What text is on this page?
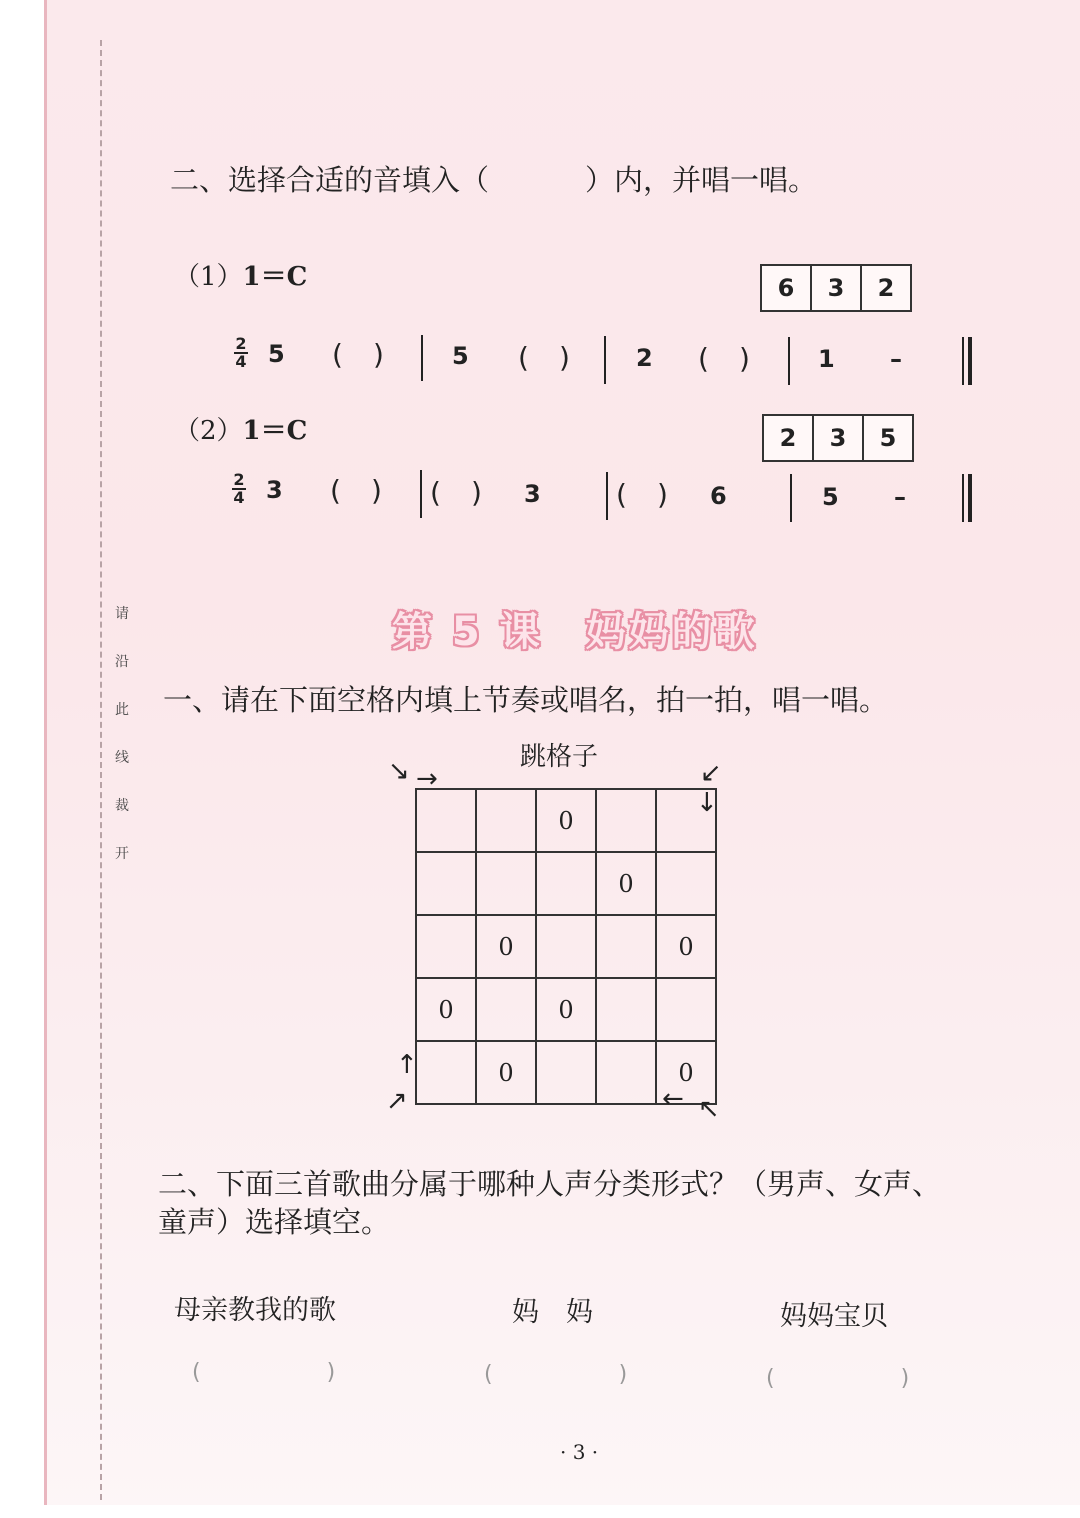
请沿此线裁开
二、选择合适的音填入（	）内，并唱一唱。
（1）1＝C	6	3	2
2
4 5 ( )	5 ( )	2 ( )	1 –
（2）1＝C	2	3	5
2
4 3 ( ) ( ) 3	( ) 6	5 –
第 5 课　妈妈的歌
一、请在下面空格内填上节奏或唱名，拍一拍，唱一唱。
跳格子
		0		
			0	
	0			0
0		0		
	0			0
↘ →	↙
↓
↑
↗	← ↖
二、下面三首歌曲分属于哪种人声分类形式？（男声、女声、
童声）选择填空。
母亲教我的歌	妈　妈	妈妈宝贝
(	)	(	)	(	)
· 3 ·
